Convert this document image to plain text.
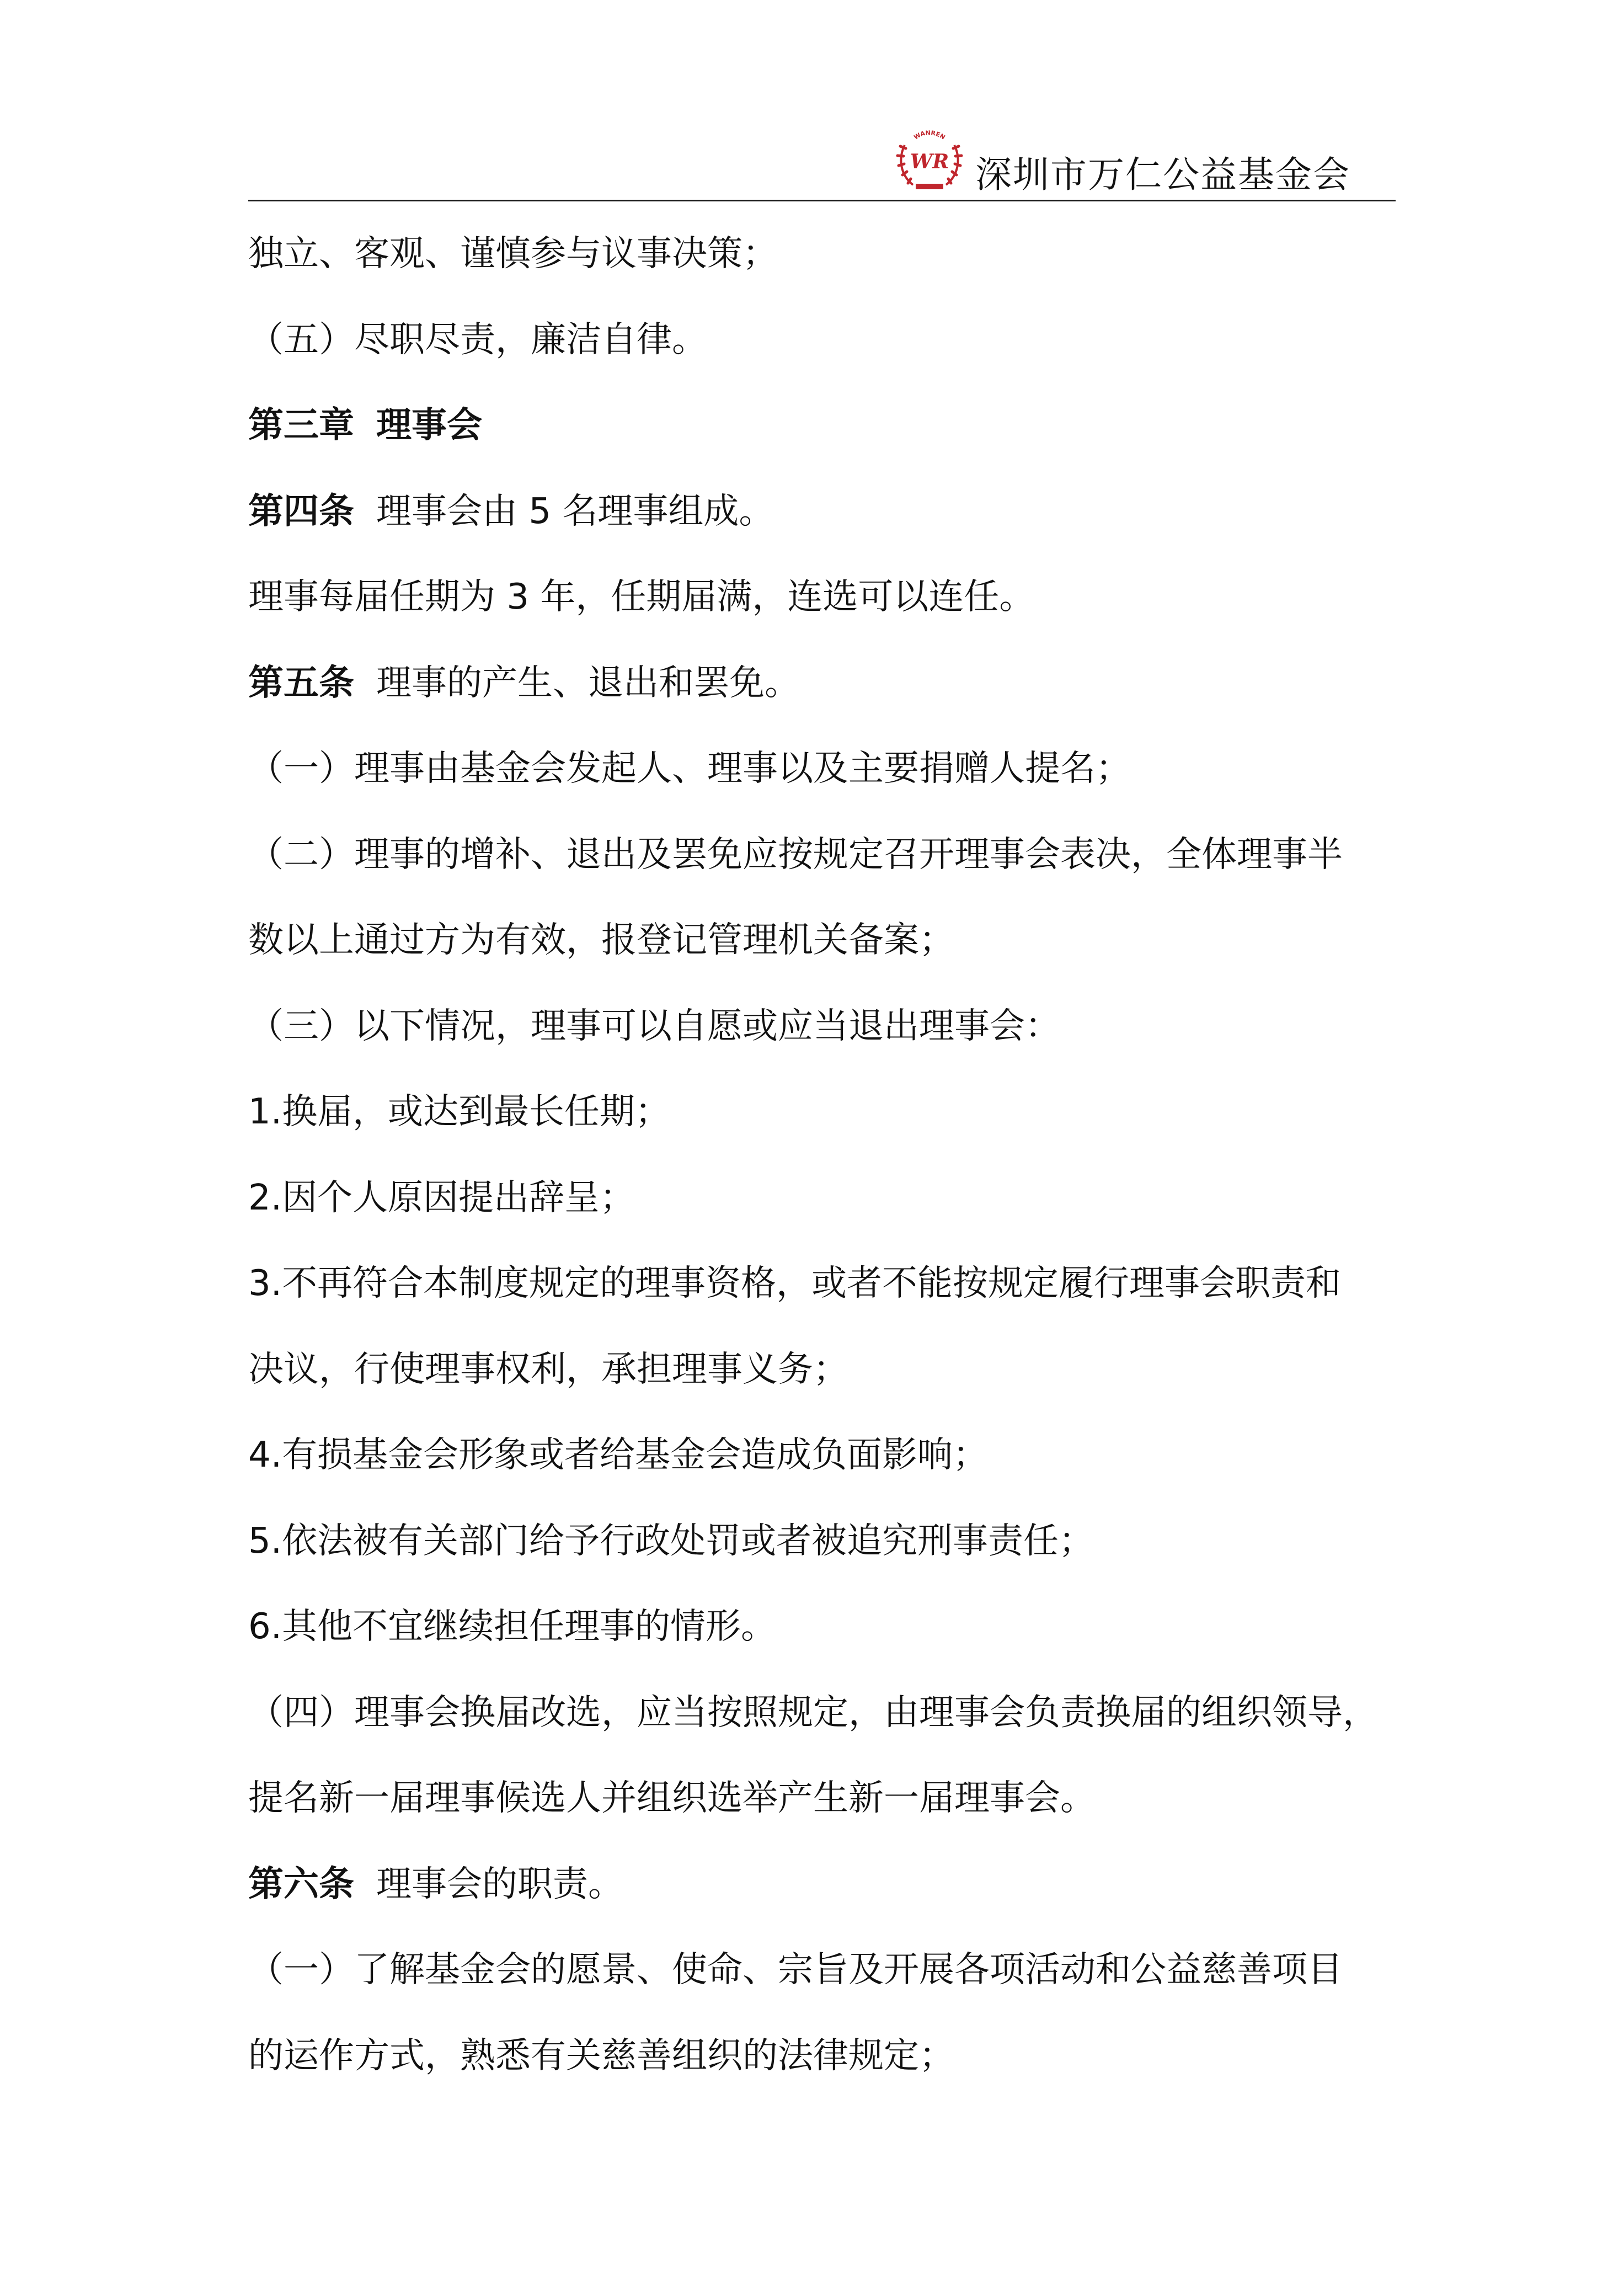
WANREN
WR 深圳市万仁公益基金会
独立、客观、谨慎参与议事决策；
（五）尽职尽责，廉洁自律。
第三章 理事会
第四条 理事会由 5 名理事组成。
理事每届任期为 3 年，任期届满，连选可以连任。
第五条 理事的产生、退出和罢免。
（一）理事由基金会发起人、理事以及主要捐赠人提名；
（二）理事的增补、退出及罢免应按规定召开理事会表决，全体理事半
数以上通过方为有效，报登记管理机关备案；
（三）以下情况，理事可以自愿或应当退出理事会：
1.换届，或达到最长任期；
2.因个人原因提出辞呈；
3.不再符合本制度规定的理事资格，或者不能按规定履行理事会职责和
决议，行使理事权利，承担理事义务；
4.有损基金会形象或者给基金会造成负面影响；
5.依法被有关部门给予行政处罚或者被追究刑事责任；
6.其他不宜继续担任理事的情形。
（四）理事会换届改选，应当按照规定，由理事会负责换届的组织领导，
提名新一届理事候选人并组织选举产生新一届理事会。
第六条 理事会的职责。
（一）了解基金会的愿景、使命、宗旨及开展各项活动和公益慈善项目
的运作方式，熟悉有关慈善组织的法律规定；
